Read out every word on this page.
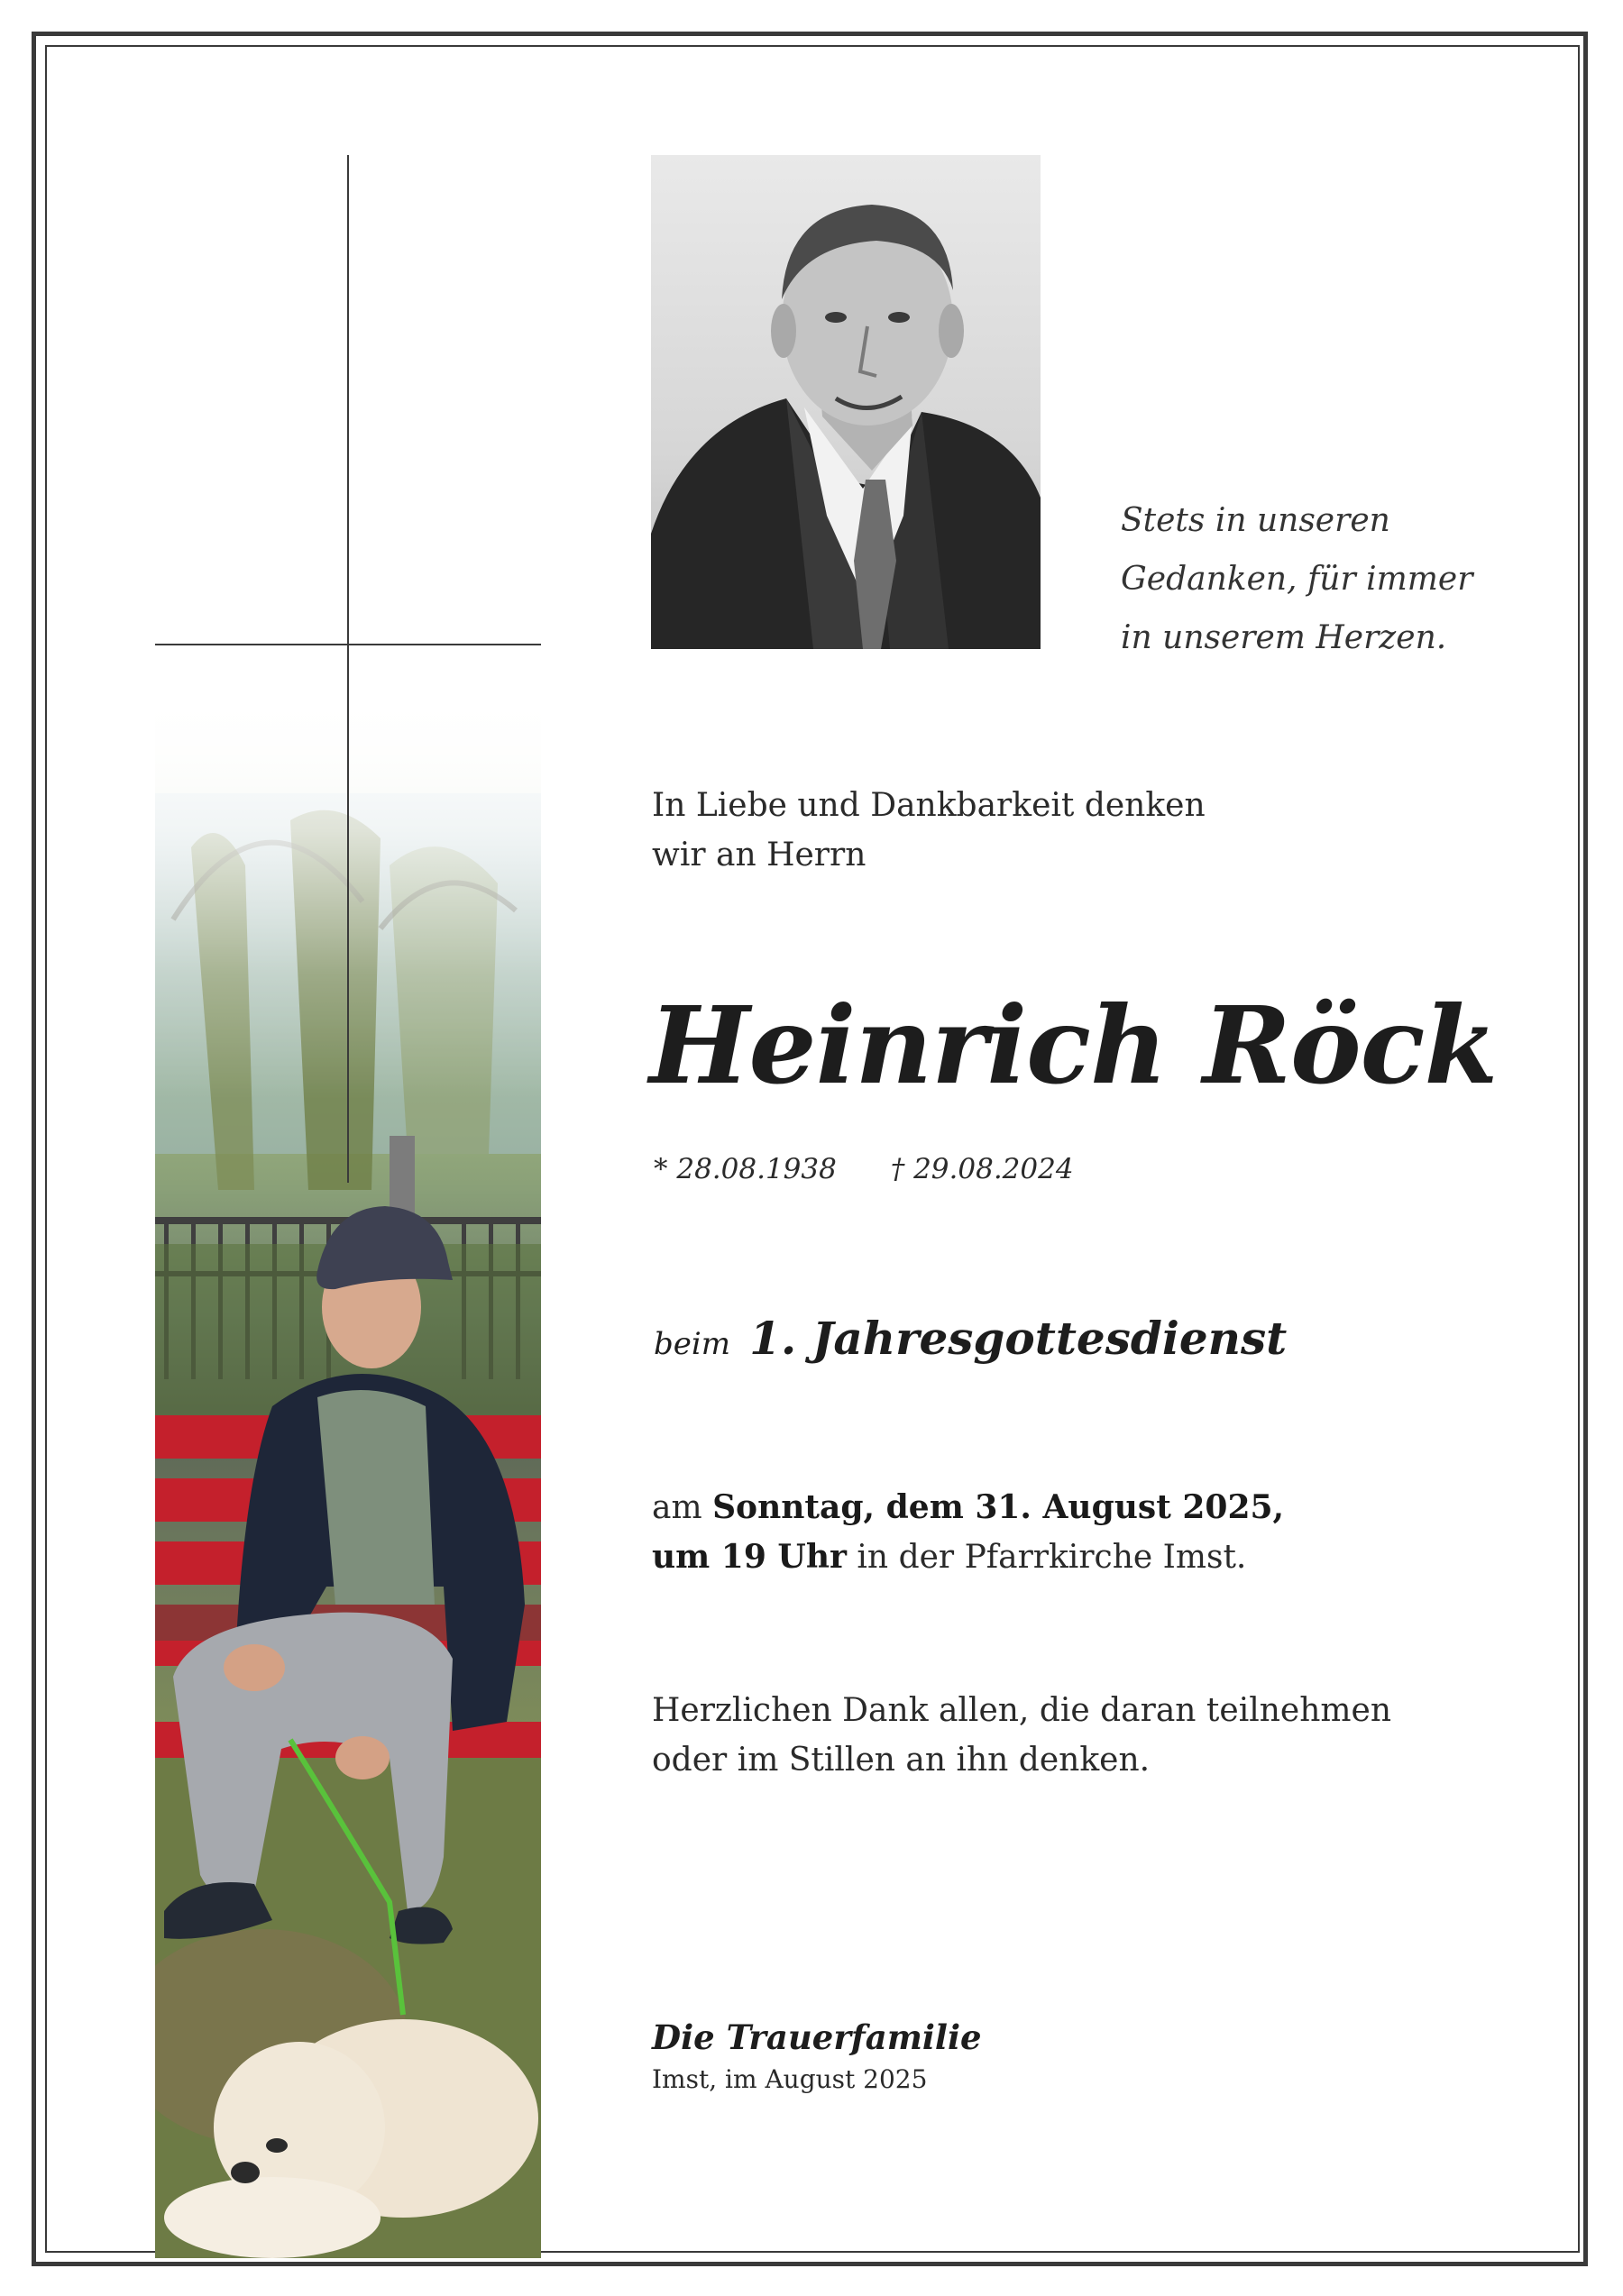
Stets in unseren
Gedanken, für immer
in unserem Herzen.
In Liebe und Dankbarkeit denken
wir an Herrn
Heinrich Röck
* 28.08.1938 † 29.08.2024
beim 1. Jahresgottesdienst
am Sonntag, dem 31. August 2025,
um 19 Uhr in der Pfarrkirche Imst.
Herzlichen Dank allen, die daran teilnehmen
oder im Stillen an ihn denken.
Die Trauerfamilie
Imst, im August 2025
